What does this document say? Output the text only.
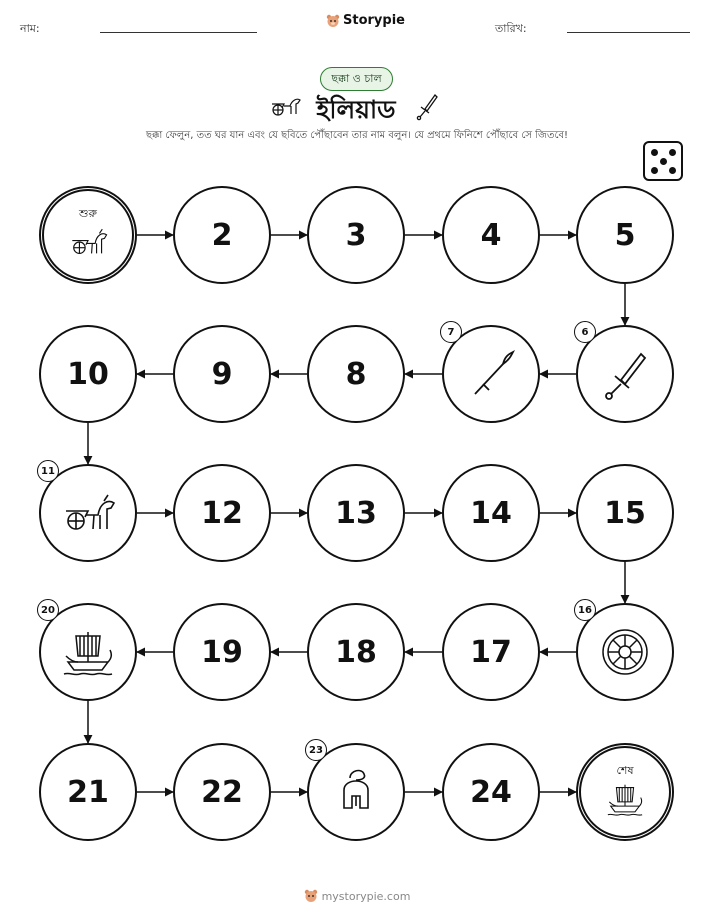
নাম:
Storypie
তারিখ:
ছক্কা ও চাল
ইলিয়াড
ছক্কা ফেলুন, তত ঘর যান এবং যে ছবিতে পৌঁছাবেন তার নাম বলুন। যে প্রথমে ফিনিশে পৌঁছাবে সে জিতবে!
শুরু
2	3	4	5
6
7
8
9
10
11
12	13	14	15
16
17
18
19
20
21	22
23
24
শেষ
mystorypie.com
